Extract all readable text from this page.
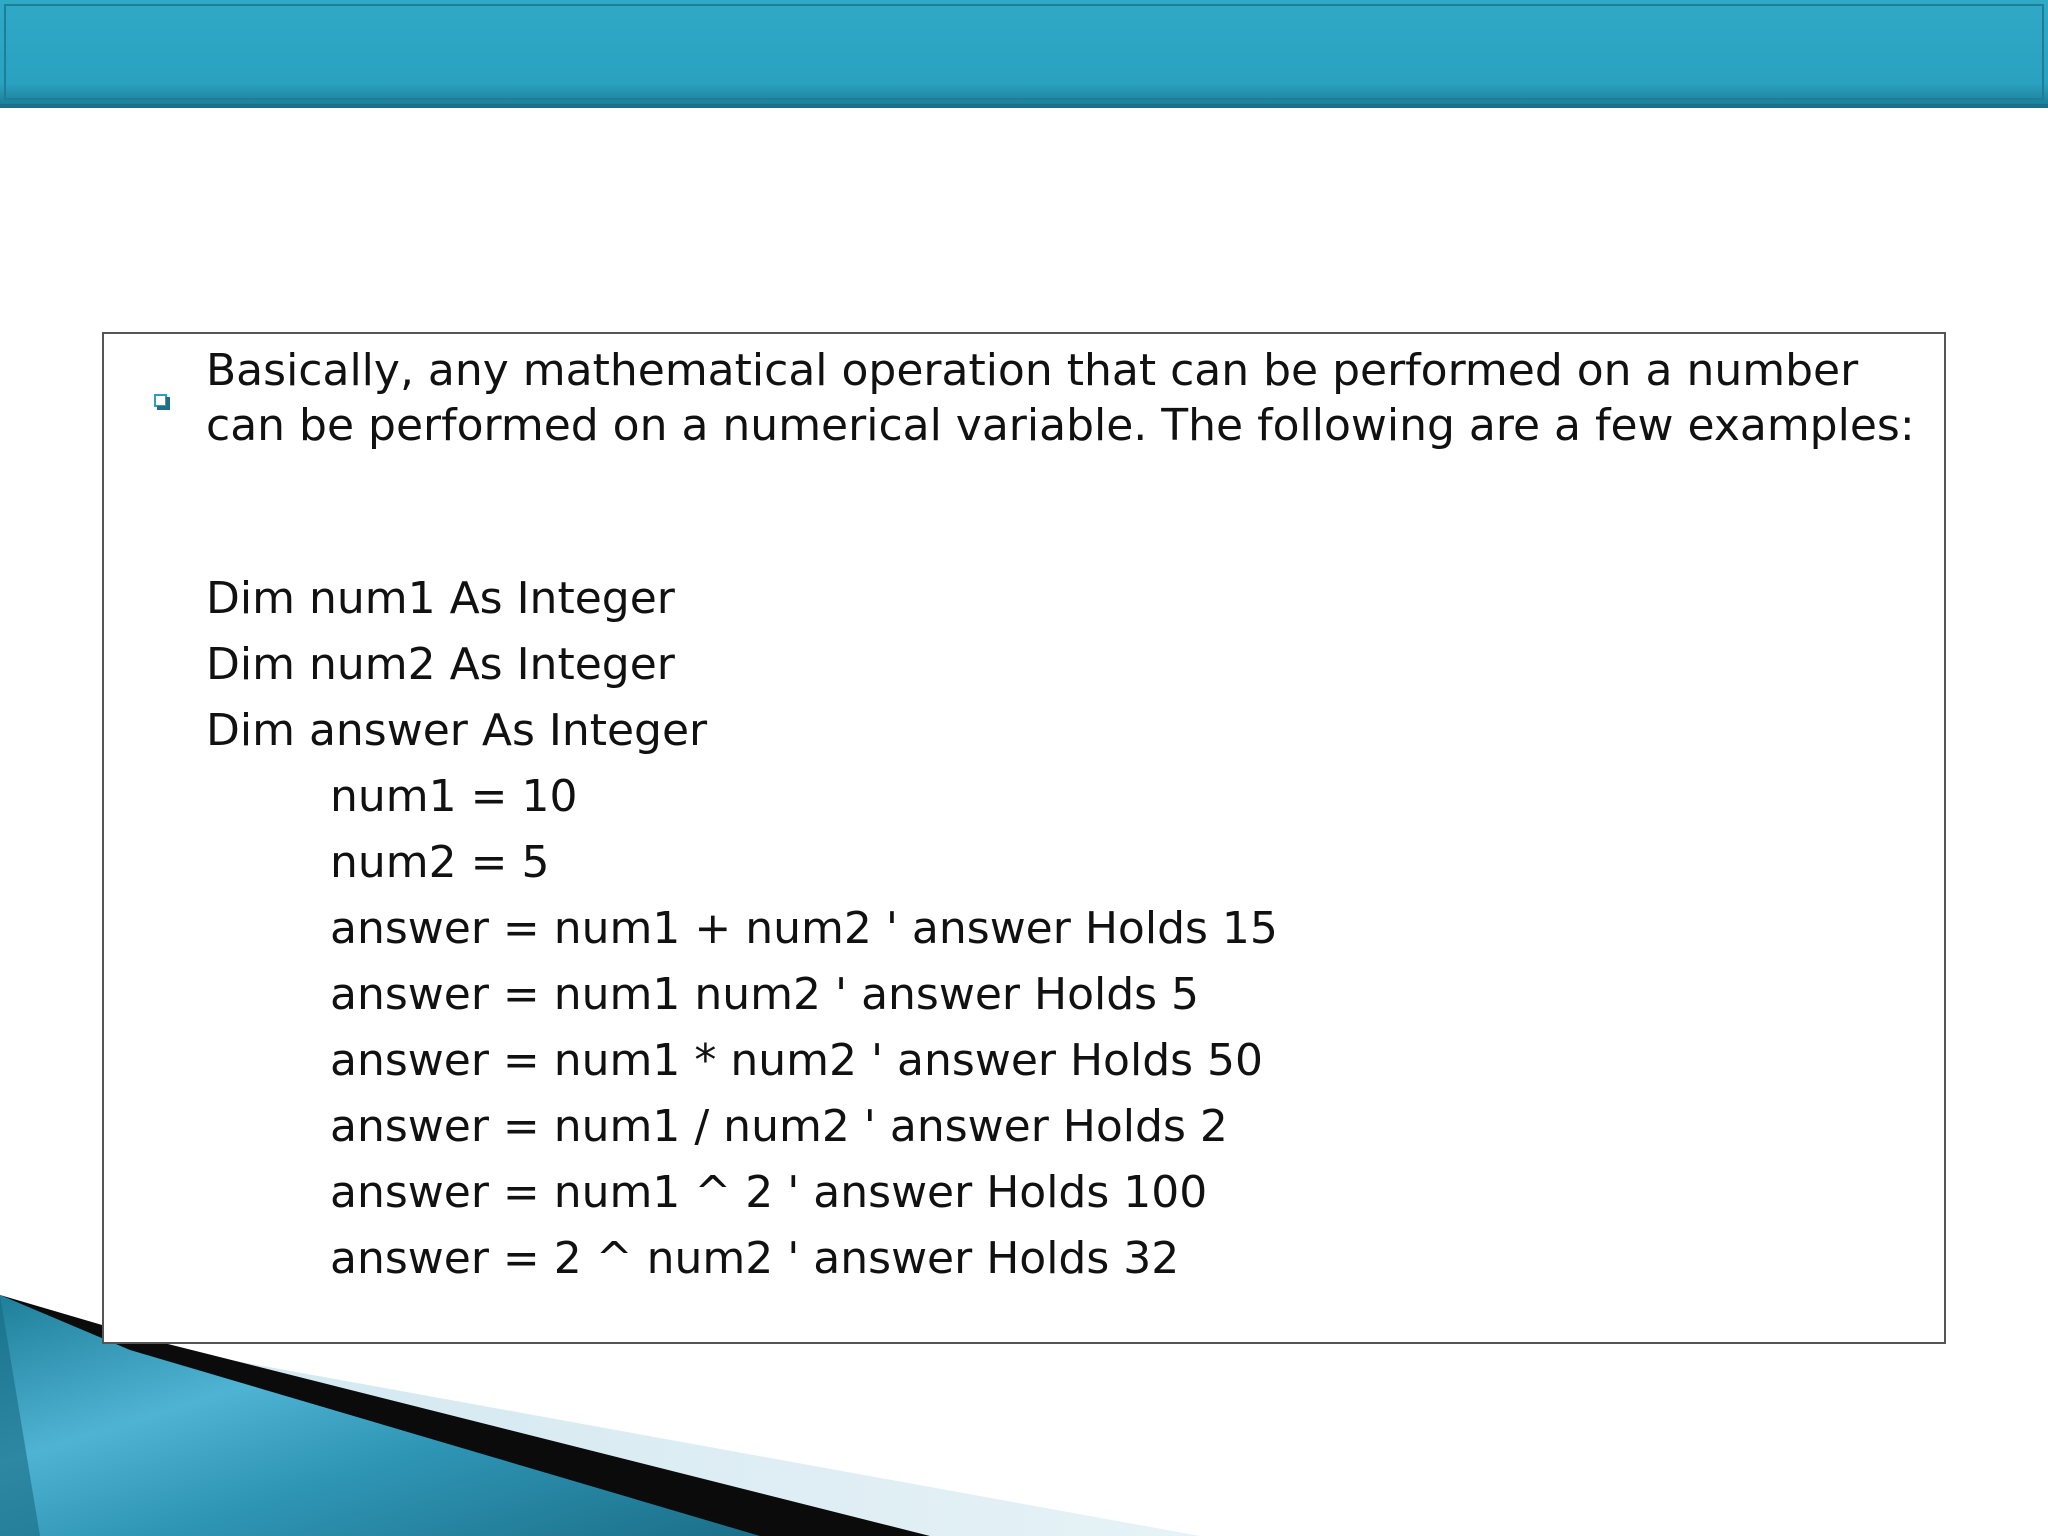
Basically, any mathematical operation that can be performed on a number can be performed on a numerical variable. The following are a few examples:
Dim num1 As Integer
Dim num2 As Integer
Dim answer As Integer
num1 = 10
num2 = 5
answer = num1 + num2 ' answer Holds 15
answer = num1 num2 ' answer Holds 5
answer = num1 * num2 ' answer Holds 50
answer = num1 / num2 ' answer Holds 2
answer = num1 ^ 2 ' answer Holds 100
answer = 2 ^ num2 ' answer Holds 32
